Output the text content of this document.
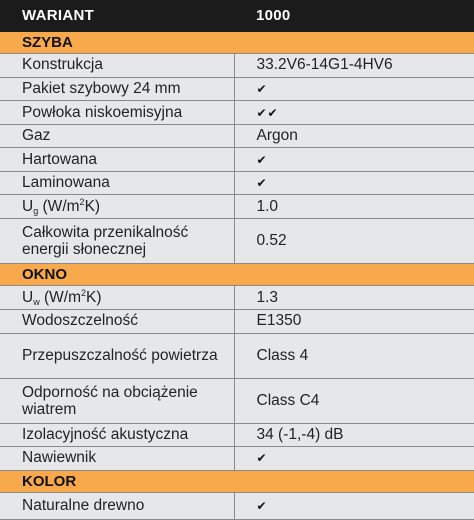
WARIANT	1000
SZYBA	
Konstrukcja	33.2V6-14G1-4HV6
Pakiet szybowy 24 mm	✔
Powłoka niskoemisyjna	✔✔
Gaz	Argon
Hartowana	✔
Laminowana	✔
$U_g$ $(W/m^2K)$	1.0
Całkowita przenikalność energii słonecznej	0.52
OKNO	
$U_w$ $(W/m^2K)$	1.3
Wodoszczelność	E1350
Przepuszczalność powietrza	Class 4
Odporność na obciążenie wiatrem	Class C4
Izolacyjność akustyczna	34 (-1,-4) dB
Nawiewnik	✔
KOLOR	
Naturalne drewno	✔
